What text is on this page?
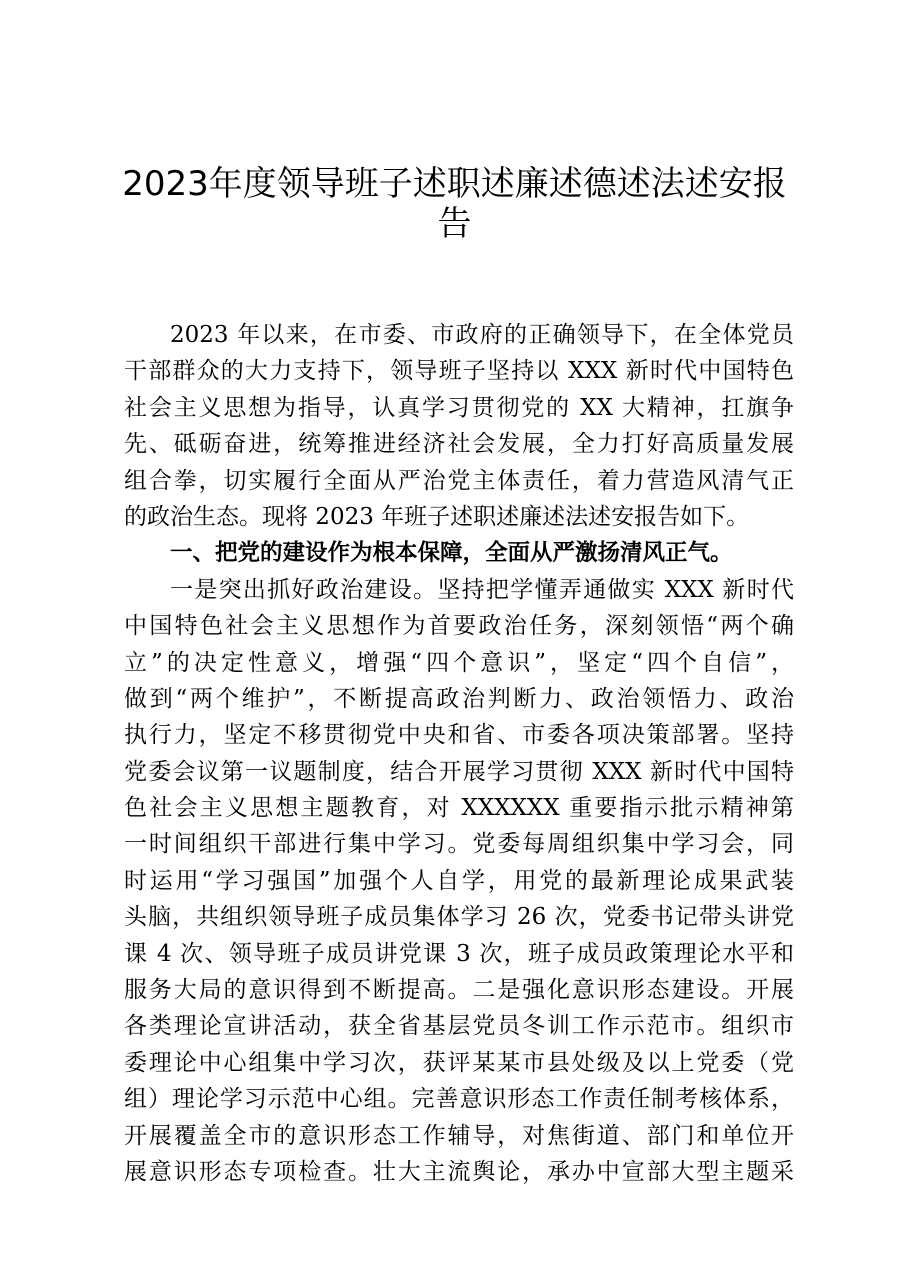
2023年度领导班子述职述廉述德述法述安报
告
2023 年以来，在市委、市政府的正确领导下，在全体党员
干部群众的大力支持下，领导班子坚持以 XXX 新时代中国特色
社会主义思想为指导，认真学习贯彻党的 XX 大精神，扛旗争
先、砥砺奋进，统筹推进经济社会发展，全力打好高质量发展
组合拳，切实履行全面从严治党主体责任，着力营造风清气正
的政治生态。现将 2023 年班子述职述廉述法述安报告如下。
一、把党的建设作为根本保障，全面从严激扬清风正气。
一是突出抓好政治建设。坚持把学懂弄通做实 XXX 新时代
中国特色社会主义思想作为首要政治任务，深刻领悟“两个确
立”的决定性意义，增强“四个意识”，坚定“四个自信”，
做到“两个维护”，不断提高政治判断力、政治领悟力、政治
执行力，坚定不移贯彻党中央和省、市委各项决策部署。坚持
党委会议第一议题制度，结合开展学习贯彻 XXX 新时代中国特
色社会主义思想主题教育，对 XXXXXX 重要指示批示精神第
一时间组织干部进行集中学习。党委每周组织集中学习会，同
时运用“学习强国”加强个人自学，用党的最新理论成果武装
头脑，共组织领导班子成员集体学习 26 次，党委书记带头讲党
课 4 次、领导班子成员讲党课 3 次，班子成员政策理论水平和
服务大局的意识得到不断提高。二是强化意识形态建设。开展
各类理论宣讲活动，获全省基层党员冬训工作示范市。组织市
委理论中心组集中学习次，获评某某市县处级及以上党委（党
组）理论学习示范中心组。完善意识形态工作责任制考核体系，
开展覆盖全市的意识形态工作辅导，对焦街道、部门和单位开
展意识形态专项检查。壮大主流舆论，承办中宣部大型主题采
